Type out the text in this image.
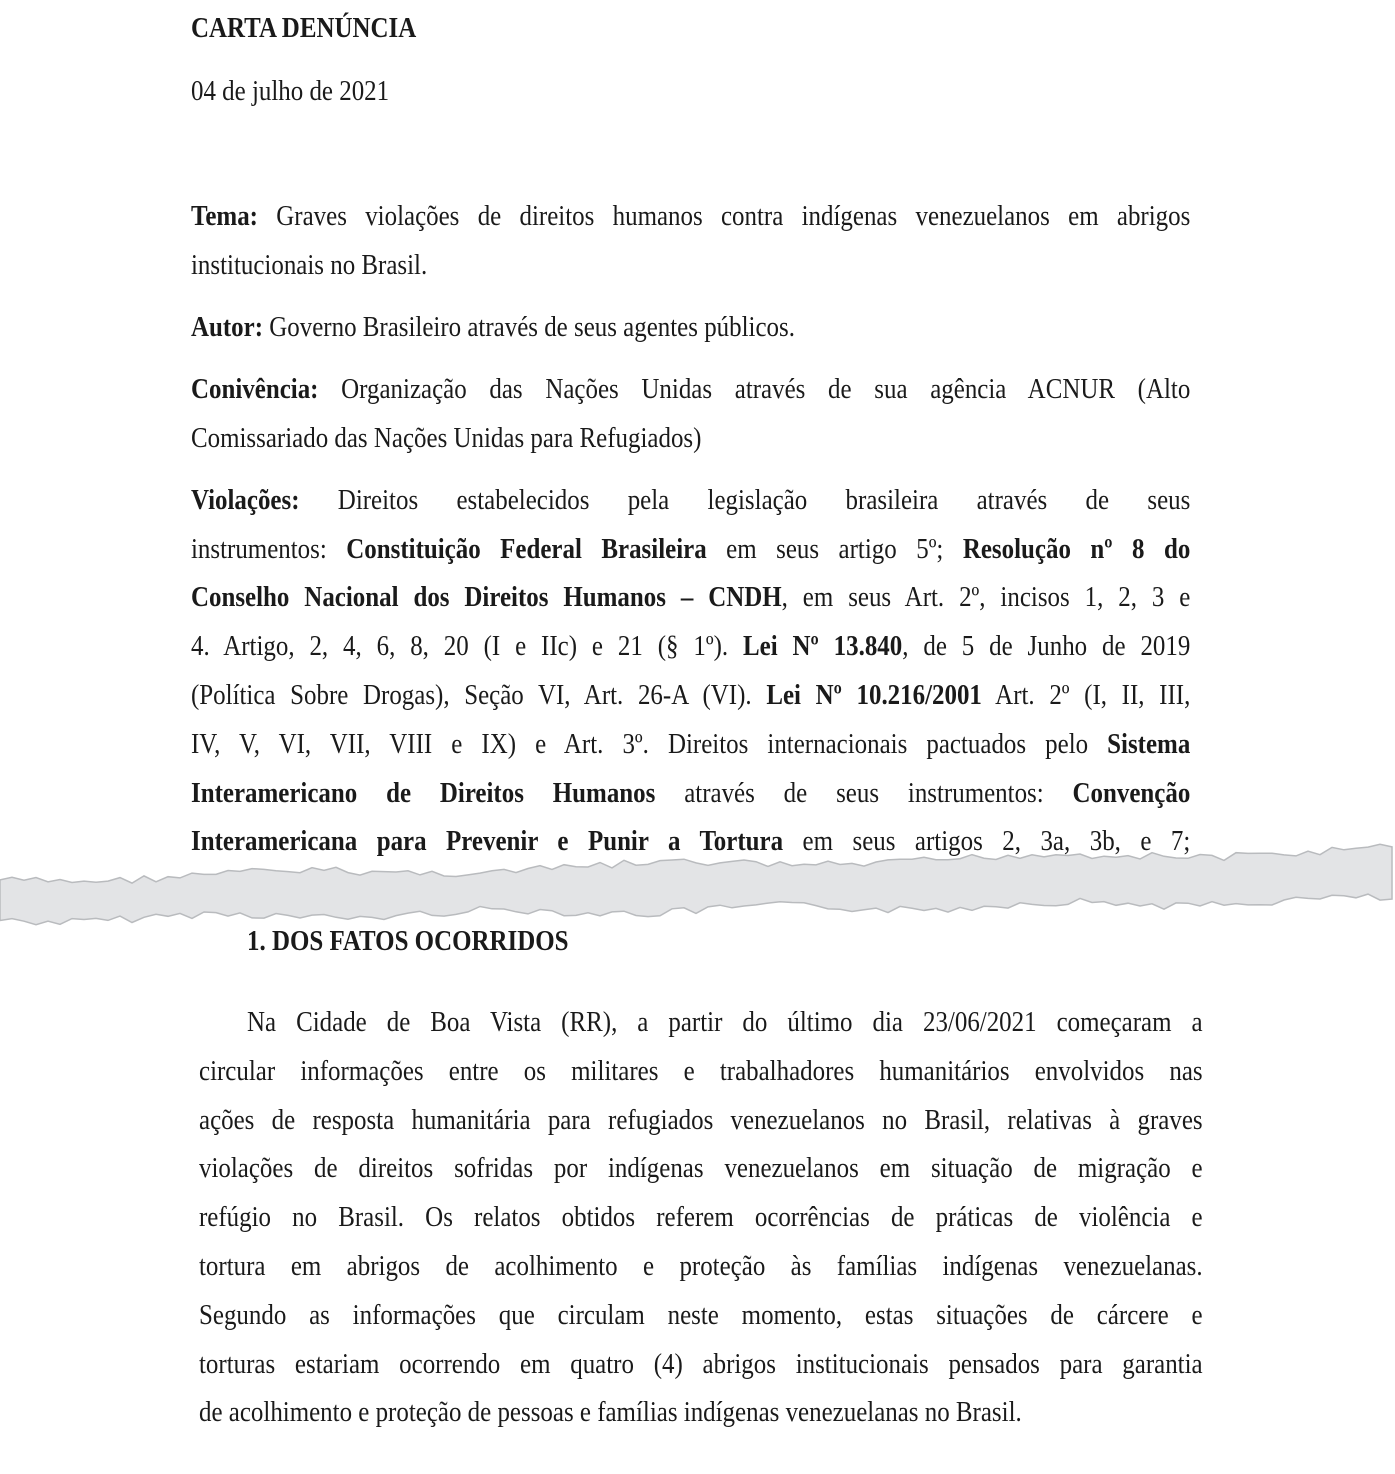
CARTA DENÚNCIA
04 de julho de 2021
Tema: Graves violações de direitos humanos contra indígenas venezuelanos em abrigos
institucionais no Brasil.
Autor: Governo Brasileiro através de seus agentes públicos.
Conivência: Organização das Nações Unidas através de sua agência ACNUR (Alto
Comissariado das Nações Unidas para Refugiados)
Violações: Direitos estabelecidos pela legislação brasileira através de seus
instrumentos: Constituição Federal Brasileira em seus artigo 5º; Resolução nº 8 do
Conselho Nacional dos Direitos Humanos – CNDH, em seus Art. 2º, incisos 1, 2, 3 e
4. Artigo, 2, 4, 6, 8, 20 (I e IIc) e 21 (§ 1º). Lei Nº 13.840, de 5 de Junho de 2019
(Política Sobre Drogas), Seção VI, Art. 26-A (VI). Lei Nº 10.216/2001 Art. 2º (I, II, III,
IV, V, VI, VII, VIII e IX) e Art. 3º. Direitos internacionais pactuados pelo Sistema
Interamericano de Direitos Humanos através de seus instrumentos: Convenção
Interamericana para Prevenir e Punir a Tortura em seus artigos 2, 3a, 3b, e 7;
1. DOS FATOS OCORRIDOS
Na Cidade de Boa Vista (RR), a partir do último dia 23/06/2021 começaram a
circular informações entre os militares e trabalhadores humanitários envolvidos nas
ações de resposta humanitária para refugiados venezuelanos no Brasil, relativas à graves
violações de direitos sofridas por indígenas venezuelanos em situação de migração e
refúgio no Brasil. Os relatos obtidos referem ocorrências de práticas de violência e
tortura em abrigos de acolhimento e proteção às famílias indígenas venezuelanas.
Segundo as informações que circulam neste momento, estas situações de cárcere e
torturas estariam ocorrendo em quatro (4) abrigos institucionais pensados para garantia
de acolhimento e proteção de pessoas e famílias indígenas venezuelanas no Brasil.
